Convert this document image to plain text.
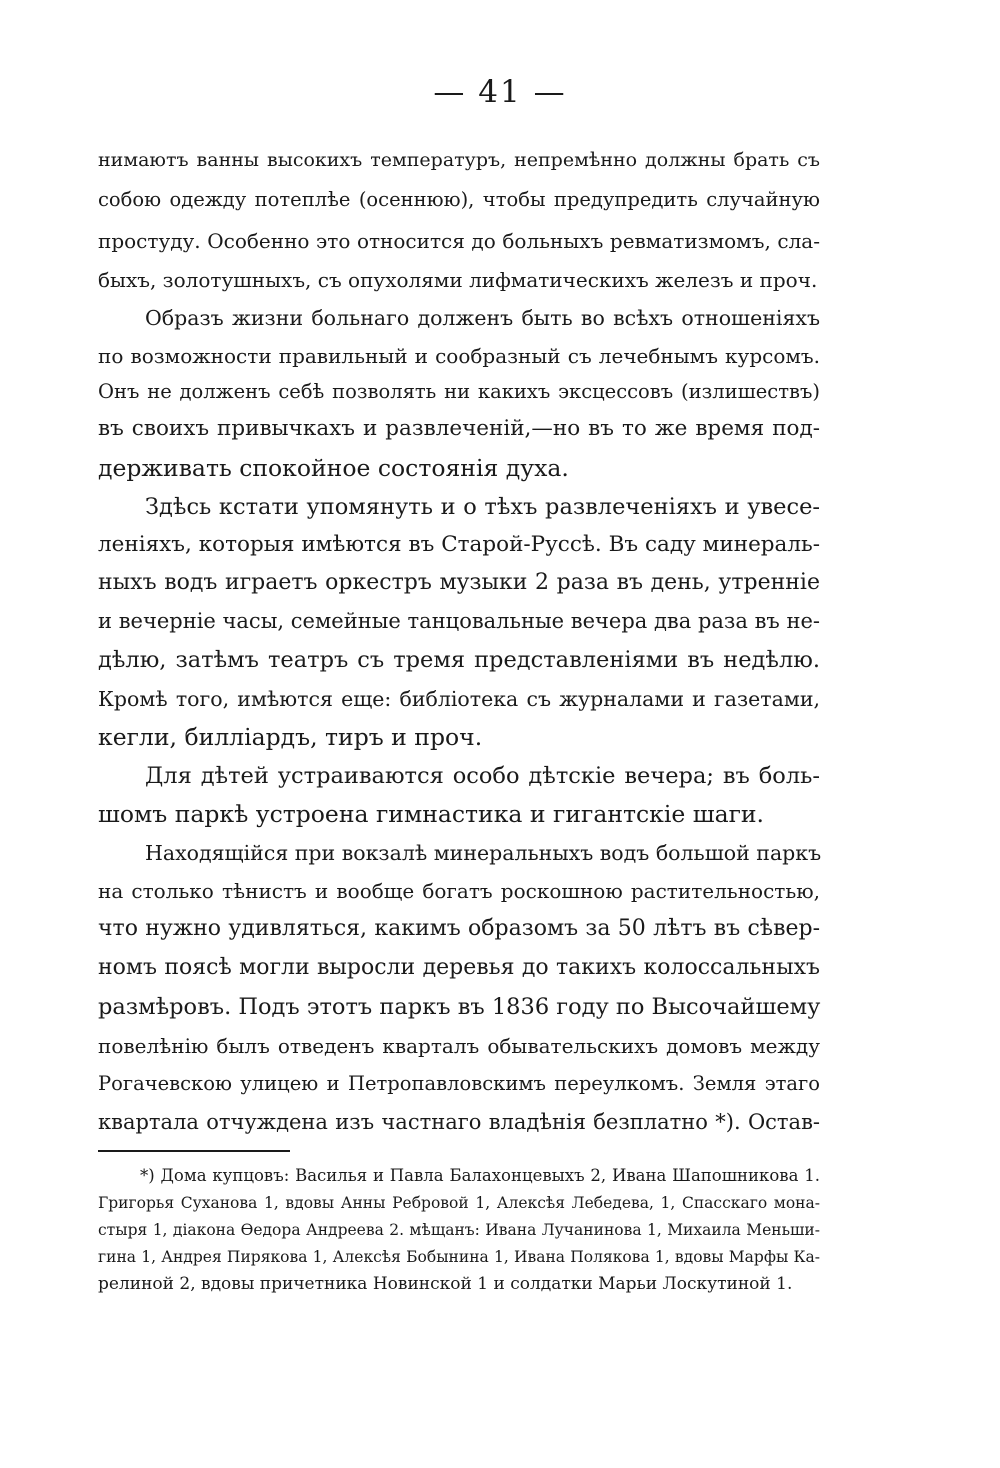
— 41 —
нимаютъ ванны высокихъ температуръ, непремѣнно должны брать съ
собою одежду потеплѣе (осеннюю), чтобы предупредить случайную
простуду. Особенно это относится до больныхъ ревматизмомъ, сла-
быхъ, золотушныхъ, съ опухолями лифматическихъ железъ и проч.
Образъ жизни больнаго долженъ быть во всѣхъ отношеніяхъ
по возможности правильный и сообразный съ лечебнымъ курсомъ.
Онъ не долженъ себѣ позволять ни какихъ эксцессовъ (излишествъ)
въ своихъ привычкахъ и развлеченій,—но въ то же время под-
держивать спокойное состоянія духа.
Здѣсь кстати упомянуть и о тѣхъ развлеченіяхъ и увесе-
леніяхъ, которыя имѣются въ Старой-Руссѣ. Въ саду минераль-
ныхъ водъ играетъ оркестръ музыки 2 раза въ день, утренніе
и вечерніе часы, семейные танцовальные вечера два раза въ не-
дѣлю, затѣмъ театръ съ тремя представленіями въ недѣлю.
Кромѣ того, имѣются еще: библіотека съ журналами и газетами,
кегли, билліардъ, тиръ и проч.
Для дѣтей устраиваются особо дѣтскіе вечера; въ боль-
шомъ паркѣ устроена гимнастика и гигантскіе шаги.
Находящійся при вокзалѣ минеральныхъ водъ большой паркъ
на столько тѣнистъ и вообще богатъ роскошною растительностью,
что нужно удивляться, какимъ образомъ за 50 лѣтъ въ сѣвер-
номъ поясѣ могли выросли деревья до такихъ колоссальныхъ
размѣровъ. Подъ этотъ паркъ въ 1836 году по Высочайшему
повелѣнію былъ отведенъ кварталъ обывательскихъ домовъ между
Рогачевскою улицею и Петропавловскимъ переулкомъ. Земля этаго
квартала отчуждена изъ частнаго владѣнія безплатно *). Остав-
*) Дома купцовъ: Василья и Павла Балахонцевыхъ 2, Ивана Шапошникова 1.
Григорья Суханова 1, вдовы Анны Ребровой 1, Алексѣя Лебедева, 1, Спасскаго мона-
стыря 1, діакона Өедора Андреева 2. мѣщанъ: Ивана Лучанинова 1, Михаила Меньши-
гина 1, Андрея Пирякова 1, Алексѣя Бобынина 1, Ивана Полякова 1, вдовы Марфы Ка-
релиной 2, вдовы причетника Новинской 1 и солдатки Марьи Лоскутиной 1.
